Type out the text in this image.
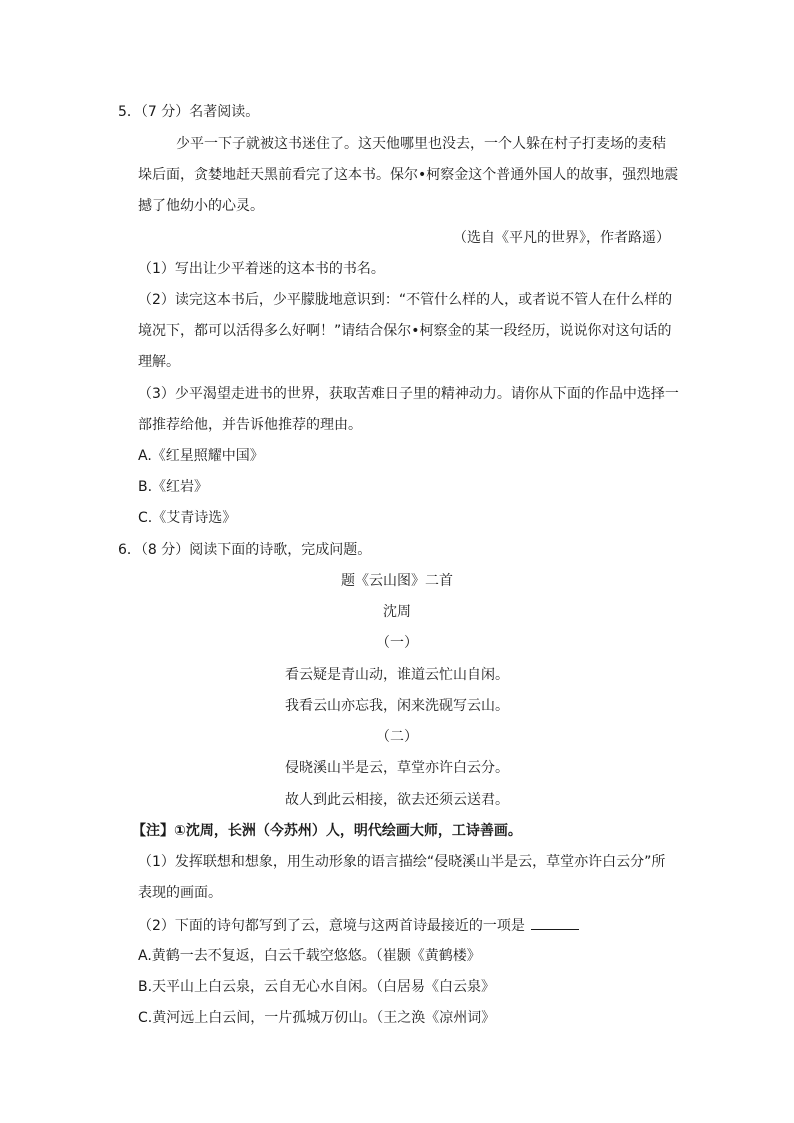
5．（7 分）名著阅读。
少平一下子就被这书迷住了。这天他哪里也没去，一个人躲在村子打麦场的麦秸
垛后面，贪婪地赶天黑前看完了这本书。保尔•柯察金这个普通外国人的故事，强烈地震
撼了他幼小的心灵。
（选自《平凡的世界》，作者路遥）
（1）写出让少平着迷的这本书的书名。
（2）读完这本书后，少平朦胧地意识到：“不管什么样的人，或者说不管人在什么样的
境况下，都可以活得多么好啊！”请结合保尔•柯察金的某一段经历，说说你对这句话的
理解。
（3）少平渴望走进书的世界，获取苦难日子里的精神动力。请你从下面的作品中选择一
部推荐给他，并告诉他推荐的理由。
A.《红星照耀中国》
B.《红岩》
C.《艾青诗选》
6．（8 分）阅读下面的诗歌，完成问题。
题《云山图》二首
沈周
（一）
看云疑是青山动，谁道云忙山自闲。
我看云山亦忘我，闲来洗砚写云山。
（二）
侵晓溪山半是云，草堂亦许白云分。
故人到此云相接，欲去还须云送君。
【注】①沈周，长洲（今苏州）人，明代绘画大师，工诗善画。
（1）发挥联想和想象，用生动形象的语言描绘“侵晓溪山半是云，草堂亦许白云分”所
表现的画面。
（2）下面的诗句都写到了云，意境与这两首诗最接近的一项是
A.黄鹤一去不复返，白云千载空悠悠。（崔颢《黄鹤楼》
B.天平山上白云泉，云自无心水自闲。（白居易《白云泉》
C.黄河远上白云间，一片孤城万仞山。（王之涣《凉州词》
